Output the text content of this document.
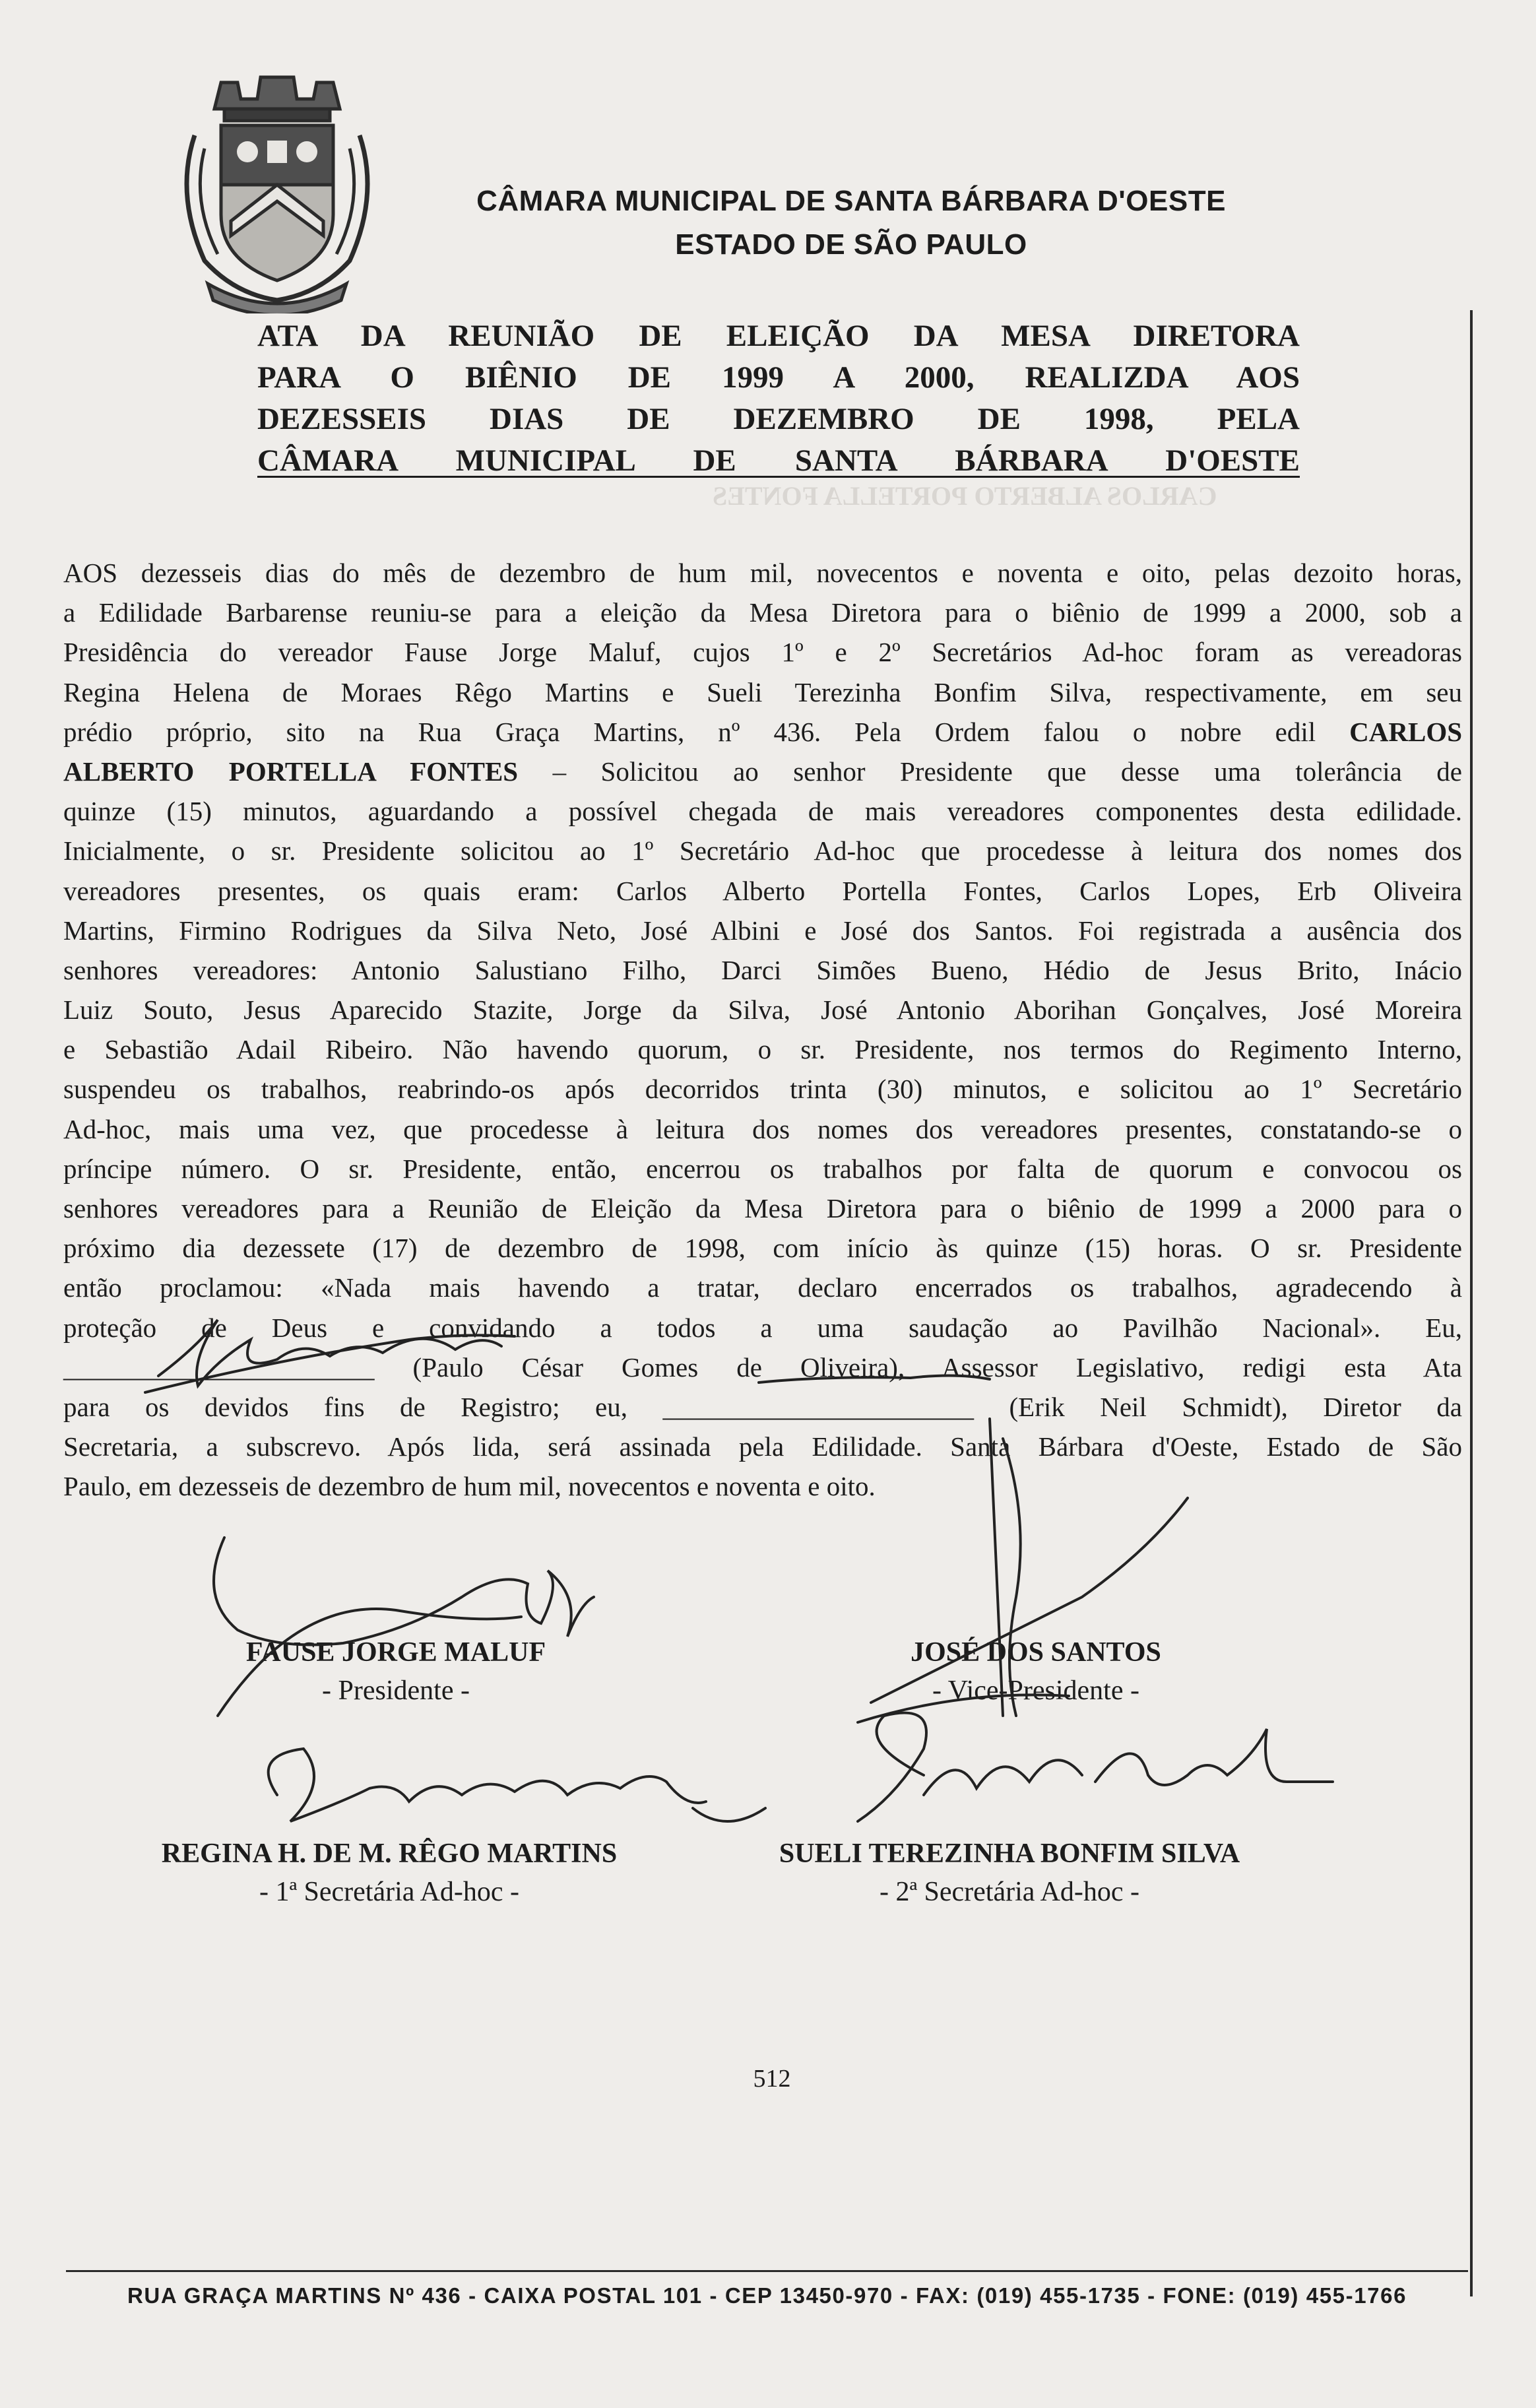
CÂMARA MUNICIPAL DE SANTA BÁRBARA D'OESTE
ESTADO DE SÃO PAULO
ATA DA REUNIÃO DE ELEIÇÃO DA MESA DIRETORA
PARA O BIÊNIO DE 1999 A 2000, REALIZDA AOS
DEZESSEIS DIAS DE DEZEMBRO DE 1998, PELA
CÂMARA MUNICIPAL DE SANTA BÁRBARA D'OESTE
CARLOS ALBERTO PORTELLA FONTES
AOS dezesseis dias do mês de dezembro de hum mil, novecentos e noventa e oito, pelas dezoito horas,
a Edilidade Barbarense reuniu-se para a eleição da Mesa Diretora para o biênio de 1999 a 2000, sob a
Presidência do vereador Fause Jorge Maluf, cujos 1º e 2º Secretários Ad-hoc foram as vereadoras
Regina Helena de Moraes Rêgo Martins e Sueli Terezinha Bonfim Silva, respectivamente, em seu
prédio próprio, sito na Rua Graça Martins, nº 436. Pela Ordem falou o nobre edil CARLOS
ALBERTO PORTELLA FONTES – Solicitou ao senhor Presidente que desse uma tolerância de
quinze (15) minutos, aguardando a possível chegada de mais vereadores componentes desta edilidade.
Inicialmente, o sr. Presidente solicitou ao 1º Secretário Ad-hoc que procedesse à leitura dos nomes dos
vereadores presentes, os quais eram: Carlos Alberto Portella Fontes, Carlos Lopes, Erb Oliveira
Martins, Firmino Rodrigues da Silva Neto, José Albini e José dos Santos. Foi registrada a ausência dos
senhores vereadores: Antonio Salustiano Filho, Darci Simões Bueno, Hédio de Jesus Brito, Inácio
Luiz Souto, Jesus Aparecido Stazite, Jorge da Silva, José Antonio Aborihan Gonçalves, José Moreira
e Sebastião Adail Ribeiro. Não havendo quorum, o sr. Presidente, nos termos do Regimento Interno,
suspendeu os trabalhos, reabrindo-os após decorridos trinta (30) minutos, e solicitou ao 1º Secretário
Ad-hoc, mais uma vez, que procedesse à leitura dos nomes dos vereadores presentes, constatando-se o
príncipe número. O sr. Presidente, então, encerrou os trabalhos por falta de quorum e convocou os
senhores vereadores para a Reunião de Eleição da Mesa Diretora para o biênio de 1999 a 2000 para o
próximo dia dezessete (17) de dezembro de 1998, com início às quinze (15) horas. O sr. Presidente
então proclamou: «Nada mais havendo a tratar, declaro encerrados os trabalhos, agradecendo à
proteção de Deus e convidando a todos a uma saudação ao Pavilhão Nacional». Eu,
_______________________ (Paulo César Gomes de Oliveira), Assessor Legislativo, redigi esta Ata
para os devidos fins de Registro; eu, _______________________ (Erik Neil Schmidt), Diretor da
Secretaria, a subscrevo. Após lida, será assinada pela Edilidade. Santa Bárbara d'Oeste, Estado de São
Paulo, em dezesseis de dezembro de hum mil, novecentos e noventa e oito.
FAUSE JORGE MALUF
- Presidente -
JOSÉ DOS SANTOS
- Vice-Presidente -
REGINA H. DE M. RÊGO MARTINS
- 1ª Secretária Ad-hoc -
SUELI TEREZINHA BONFIM SILVA
- 2ª Secretária Ad-hoc -
512
RUA GRAÇA MARTINS Nº 436 - CAIXA POSTAL 101 - CEP 13450-970 - FAX: (019) 455-1735 - FONE: (019) 455-1766
